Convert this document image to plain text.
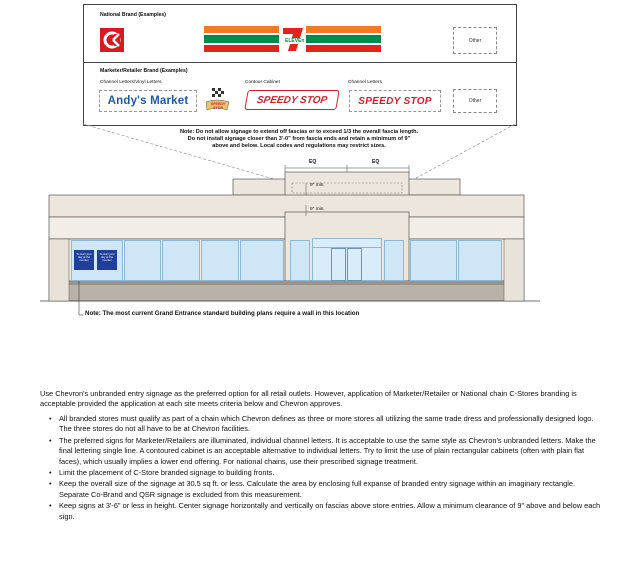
National Brand (Examples)
ELEVEn	Other
Marketer/Retailer Brand (Examples)
Channel Letters/Vinyl Letters	Contour Cabinet	Channel Letters
Andy's Market	SPEEDY STOP
SPEEDY STOP	SPEEDY STOP	Other
Note: Do not allow signage to extend off fascias or to exceed 1/3 the overall fascia length.
Do not install signage closer than 3'-0" from fascia ends and retain a minimum of 9"
above and below. Local codes and regulations may restrict sizes.
EQ	EQ
9" min.
9" min.
To start your day at the counter
To start your day at the counter
Note: The most current Grand Entrance standard building plans require a wall in this location
Use Chevron's unbranded entry signage as the preferred option for all retail outlets. However, application of Marketer/Retailer or National chain C-Stores branding is acceptable provided the application at each site meets criteria below and Chevron approves.
• All branded stores must qualify as part of a chain which Chevron defines as three or more stores all utilizing the same trade dress and professionally designed logo. The three stores do not all have to be at Chevron facilities.
• The preferred signs for Marketer/Retailers are illuminated, individual channel letters. It is acceptable to use the same style as Chevron's unbranded letters. Make the final lettering single line. A contoured cabinet is an acceptable alternative to individual letters. Try to limit the use of plain rectangular cabinets (often with plain flat faces), which usually implies a lower end offering. For national chains, use their prescribed signage treatment.
• Limit the placement of C-Store branded signage to building fronts.
• Keep the overall size of the signage at 30.5 sq ft. or less. Calculate the area by enclosing full expanse of branded entry signage within an imaginary rectangle. Separate Co-Brand and QSR signage is excluded from this measurement.
• Keep signs at 3'-6" or less in height. Center signage horizontally and vertically on fascias above store entries. Allow a minimum clearance of 9" above and below each sign.
